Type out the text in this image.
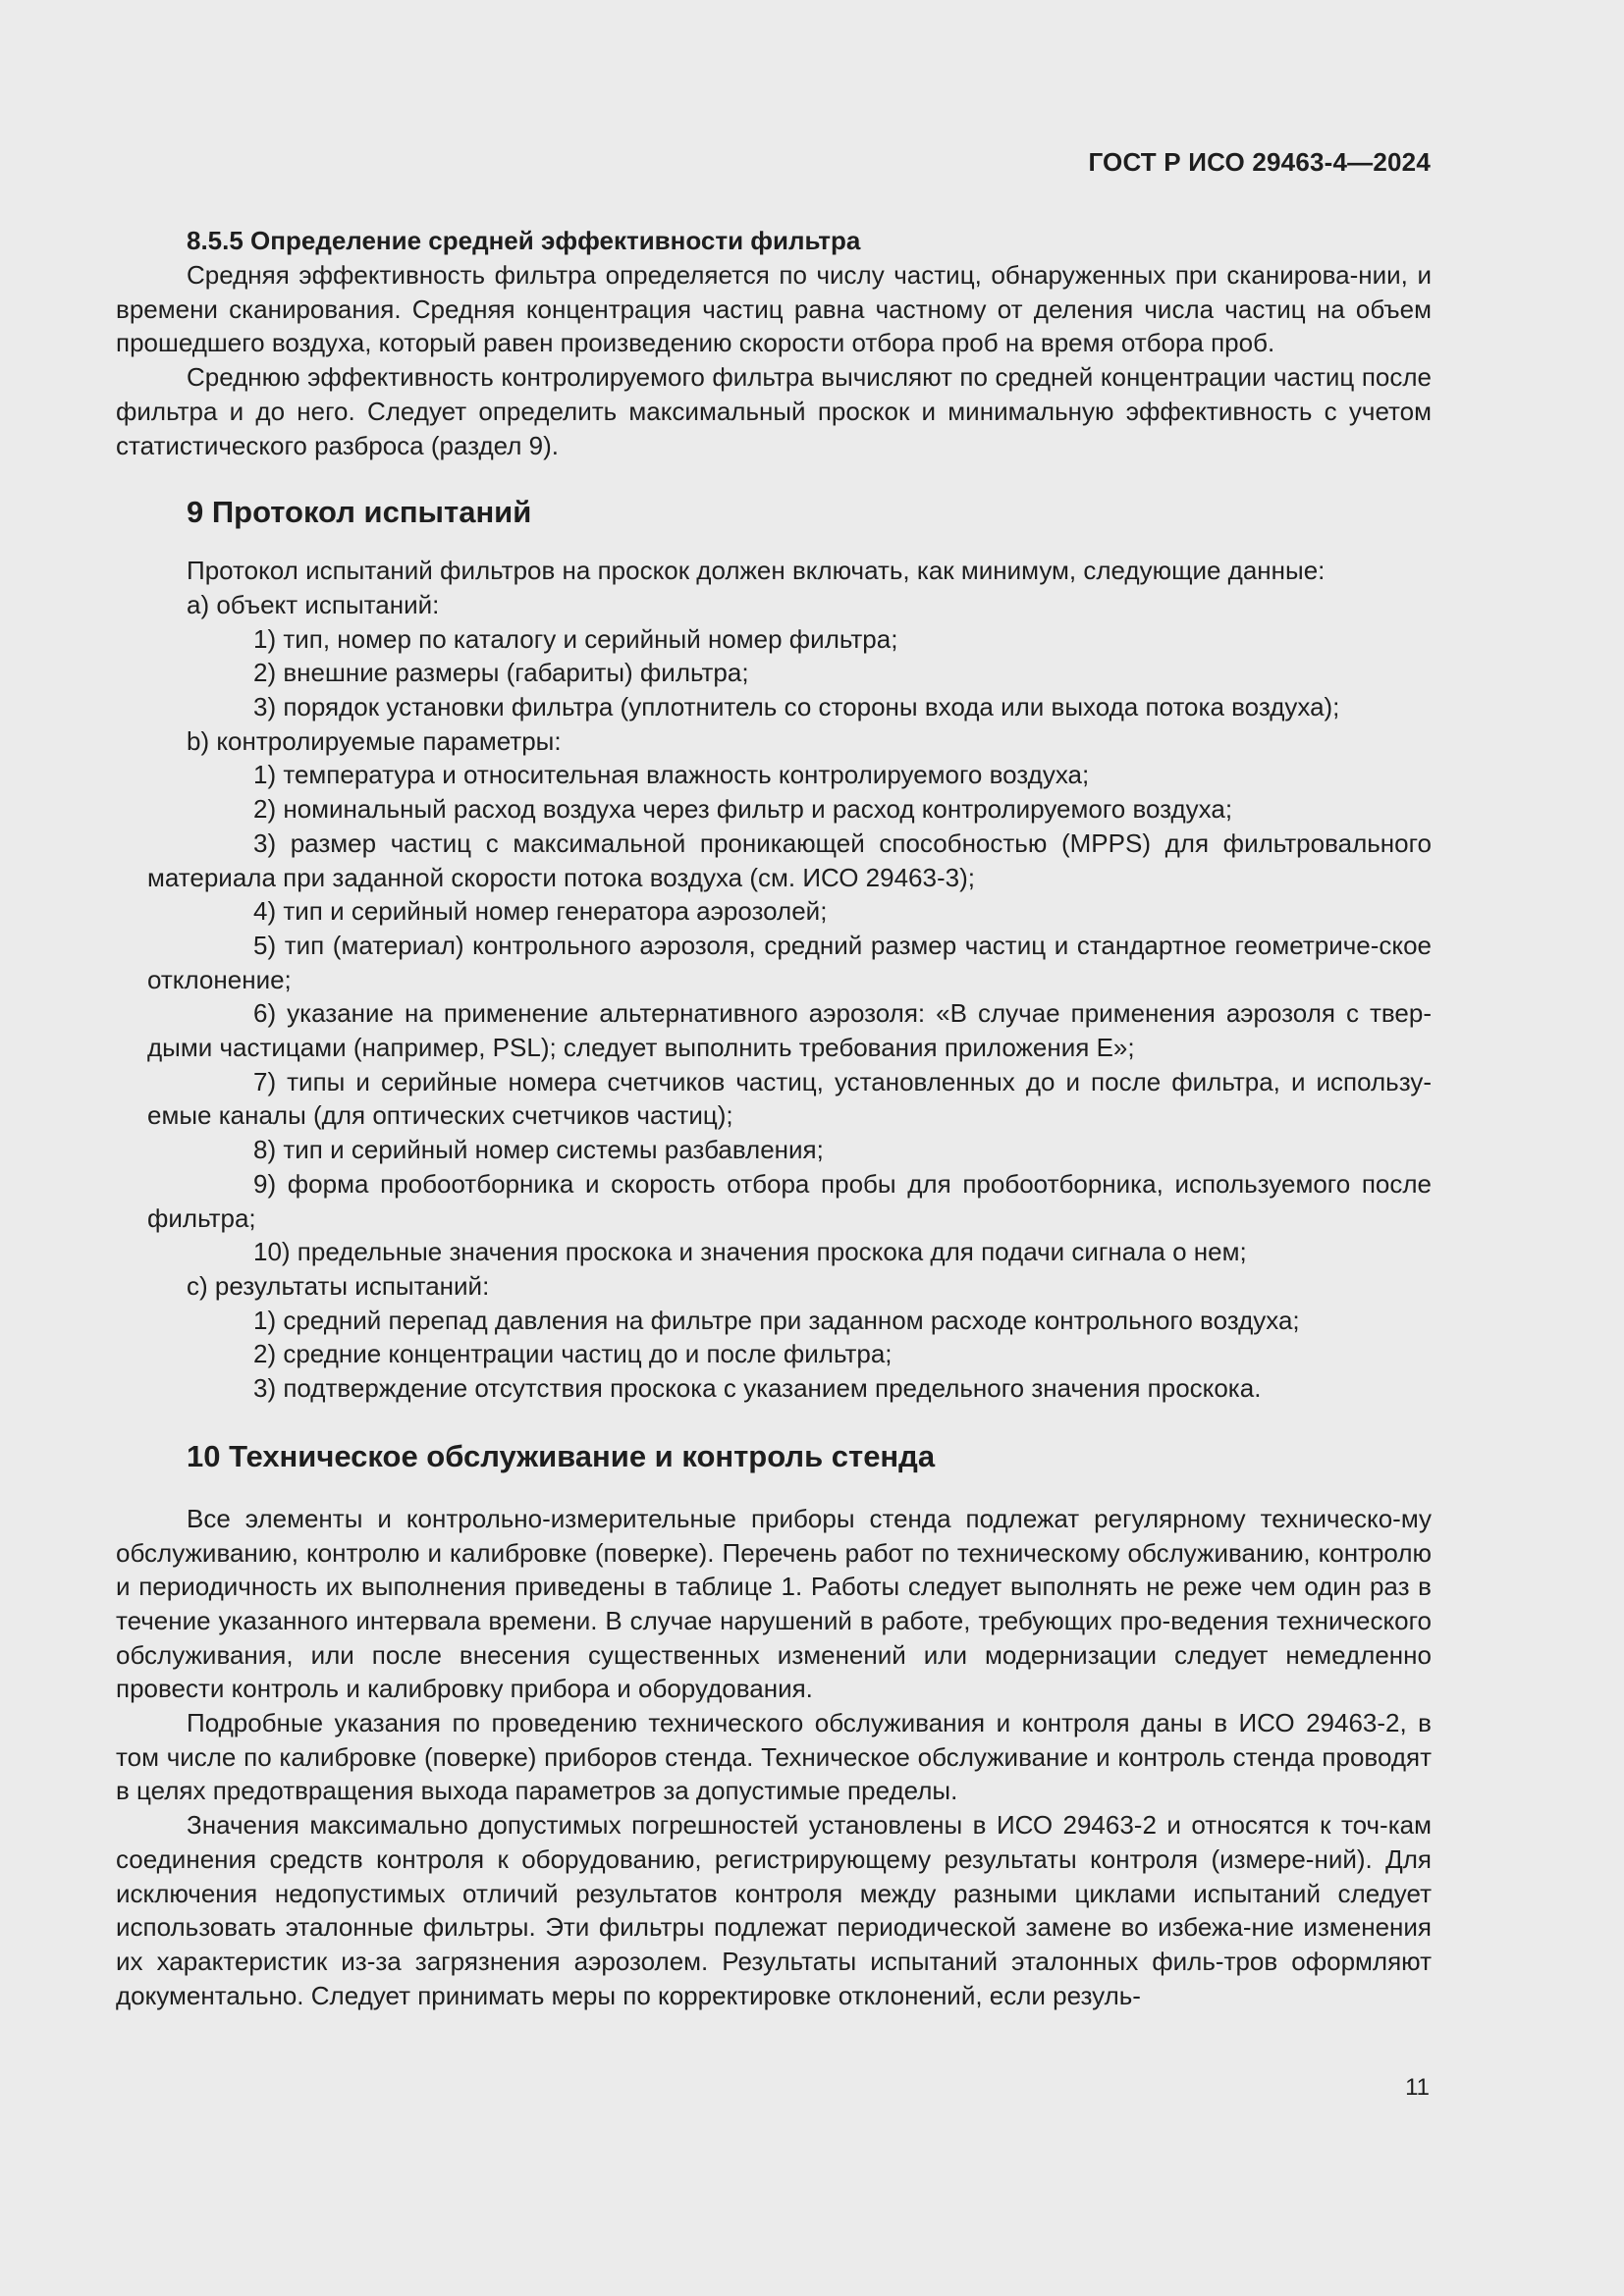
ГОСТ Р ИСО 29463-4—2024
8.5.5 Определение средней эффективности фильтра

Средняя эффективность фильтра определяется по числу частиц, обнаруженных при сканирова-нии, и времени сканирования. Средняя концентрация частиц равна частному от деления числа частиц на объем прошедшего воздуха, который равен произведению скорости отбора проб на время отбора проб.

Среднюю эффективность контролируемого фильтра вычисляют по средней концентрации частиц после фильтра и до него. Следует определить максимальный проскок и минимальную эффективность с учетом статистического разброса (раздел 9).

9 Протокол испытаний

Протокол испытаний фильтров на проскок должен включать, как минимум, следующие данные:

а) объект испытаний:

1) тип, номер по каталогу и серийный номер фильтра;

2) внешние размеры (габариты) фильтра;

3) порядок установки фильтра (уплотнитель со стороны входа или выхода потока воздуха);

b) контролируемые параметры:

1) температура и относительная влажность контролируемого воздуха;

2) номинальный расход воздуха через фильтр и расход контролируемого воздуха;

3) размер частиц с максимальной проникающей способностью (MPPS) для фильтровального материала при заданной скорости потока воздуха (см. ИСО 29463-3);

4) тип и серийный номер генератора аэрозолей;

5) тип (материал) контрольного аэрозоля, средний размер частиц и стандартное геометриче-ское отклонение;

6) указание на применение альтернативного аэрозоля: «В случае применения аэрозоля с твер-дыми частицами (например, PSL); следует выполнить требования приложения Е»;

7) типы и серийные номера счетчиков частиц, установленных до и после фильтра, и использу-емые каналы (для оптических счетчиков частиц);

8) тип и серийный номер системы разбавления;

9) форма пробоотборника и скорость отбора пробы для пробоотборника, используемого после фильтра;

10) предельные значения проскока и значения проскока для подачи сигнала о нем;

с) результаты испытаний:

1) средний перепад давления на фильтре при заданном расходе контрольного воздуха;

2) средние концентрации частиц до и после фильтра;

3) подтверждение отсутствия проскока с указанием предельного значения проскока.

10 Техническое обслуживание и контроль стенда

Все элементы и контрольно-измерительные приборы стенда подлежат регулярному техническо-му обслуживанию, контролю и калибровке (поверке). Перечень работ по техническому обслуживанию, контролю и периодичность их выполнения приведены в таблице 1. Работы следует выполнять не реже чем один раз в течение указанного интервала времени. В случае нарушений в работе, требующих про-ведения технического обслуживания, или после внесения существенных изменений или модернизации следует немедленно провести контроль и калибровку прибора и оборудования.

Подробные указания по проведению технического обслуживания и контроля даны в ИСО 29463-2, в том числе по калибровке (поверке) приборов стенда. Техническое обслуживание и контроль стенда проводят в целях предотвращения выхода параметров за допустимые пределы.

Значения максимально допустимых погрешностей установлены в ИСО 29463-2 и относятся к точ-кам соединения средств контроля к оборудованию, регистрирующему результаты контроля (измере-ний). Для исключения недопустимых отличий результатов контроля между разными циклами испытаний следует использовать эталонные фильтры. Эти фильтры подлежат периодической замене во избежа-ние изменения их характеристик из-за загрязнения аэрозолем. Результаты испытаний эталонных филь-тров оформляют документально. Следует принимать меры по корректировке отклонений, если резуль-

11
